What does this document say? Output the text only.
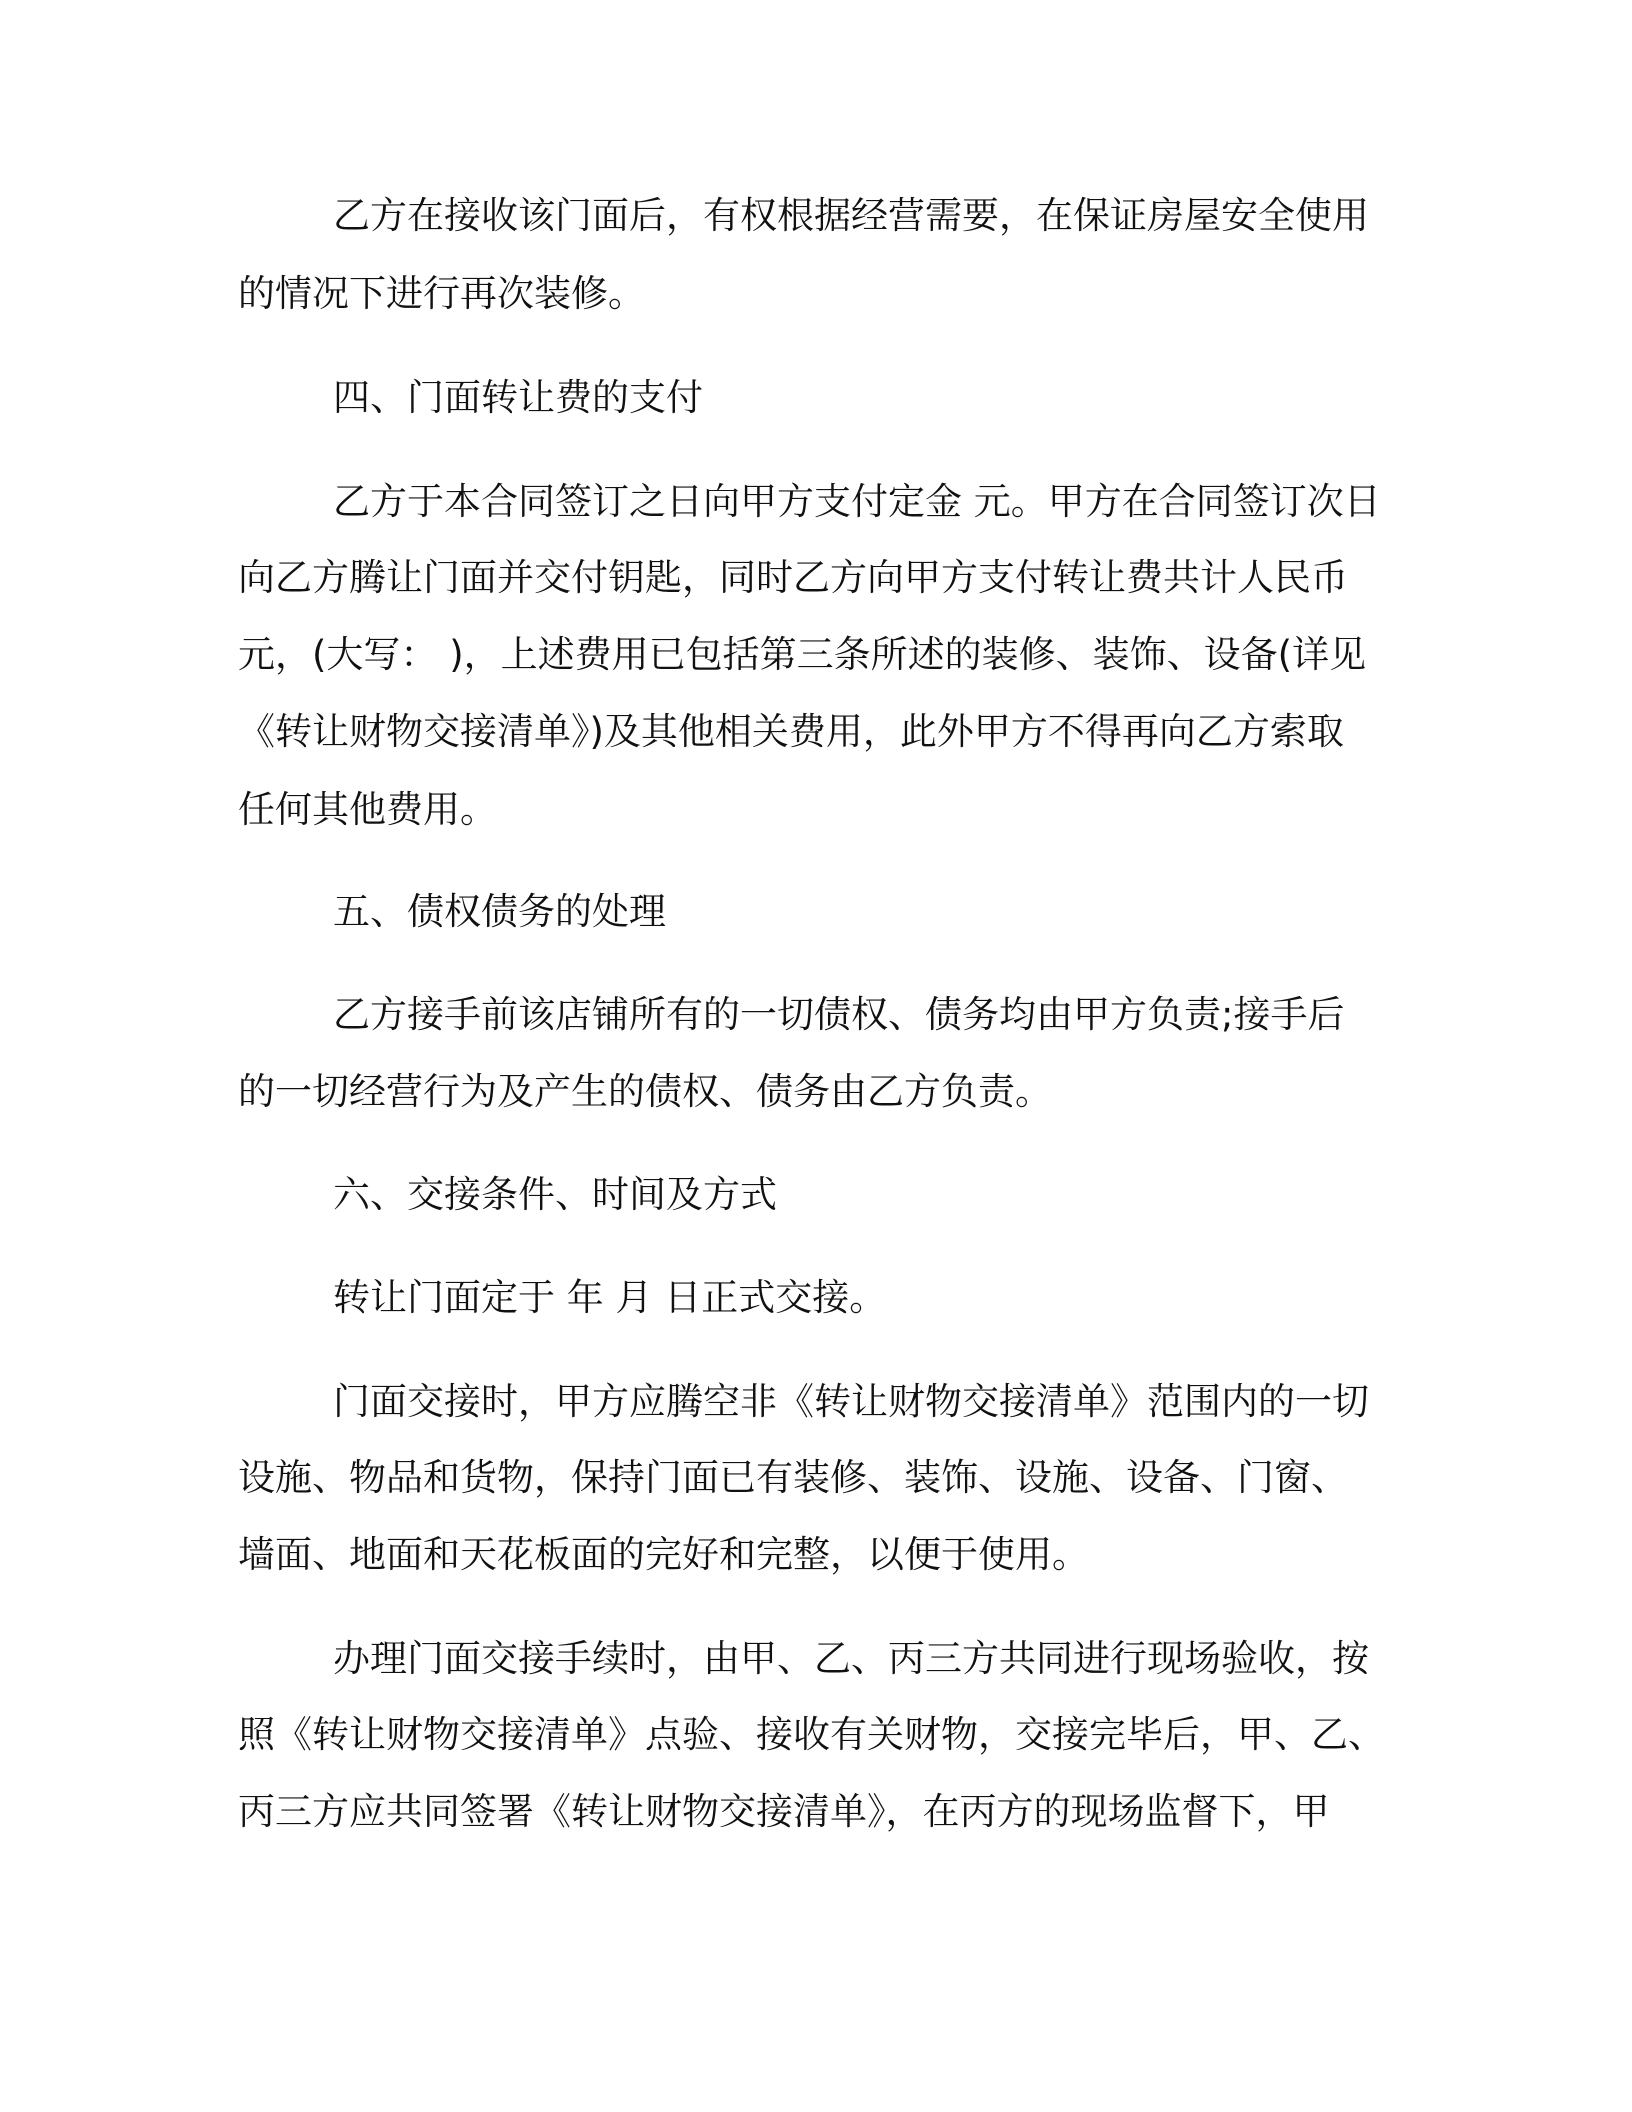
乙方在接收该门面后，有权根据经营需要，在保证房屋安全使用
的情况下进行再次装修。
四、门面转让费的支付
乙方于本合同签订之日向甲方支付定金 元。甲方在合同签订次日
向乙方腾让门面并交付钥匙，同时乙方向甲方支付转让费共计人民币
元，(大写： )，上述费用已包括第三条所述的装修、装饰、设备(详见
《转让财物交接清单》)及其他相关费用，此外甲方不得再向乙方索取
任何其他费用。
五、债权债务的处理
乙方接手前该店铺所有的一切债权、债务均由甲方负责;接手后
的一切经营行为及产生的债权、债务由乙方负责。
六、交接条件、时间及方式
转让门面定于 年 月 日正式交接。
门面交接时，甲方应腾空非《转让财物交接清单》范围内的一切
设施、物品和货物，保持门面已有装修、装饰、设施、设备、门窗、
墙面、地面和天花板面的完好和完整，以便于使用。
办理门面交接手续时，由甲、乙、丙三方共同进行现场验收，按
照《转让财物交接清单》点验、接收有关财物，交接完毕后，甲、乙、
丙三方应共同签署《转让财物交接清单》，在丙方的现场监督下，甲
